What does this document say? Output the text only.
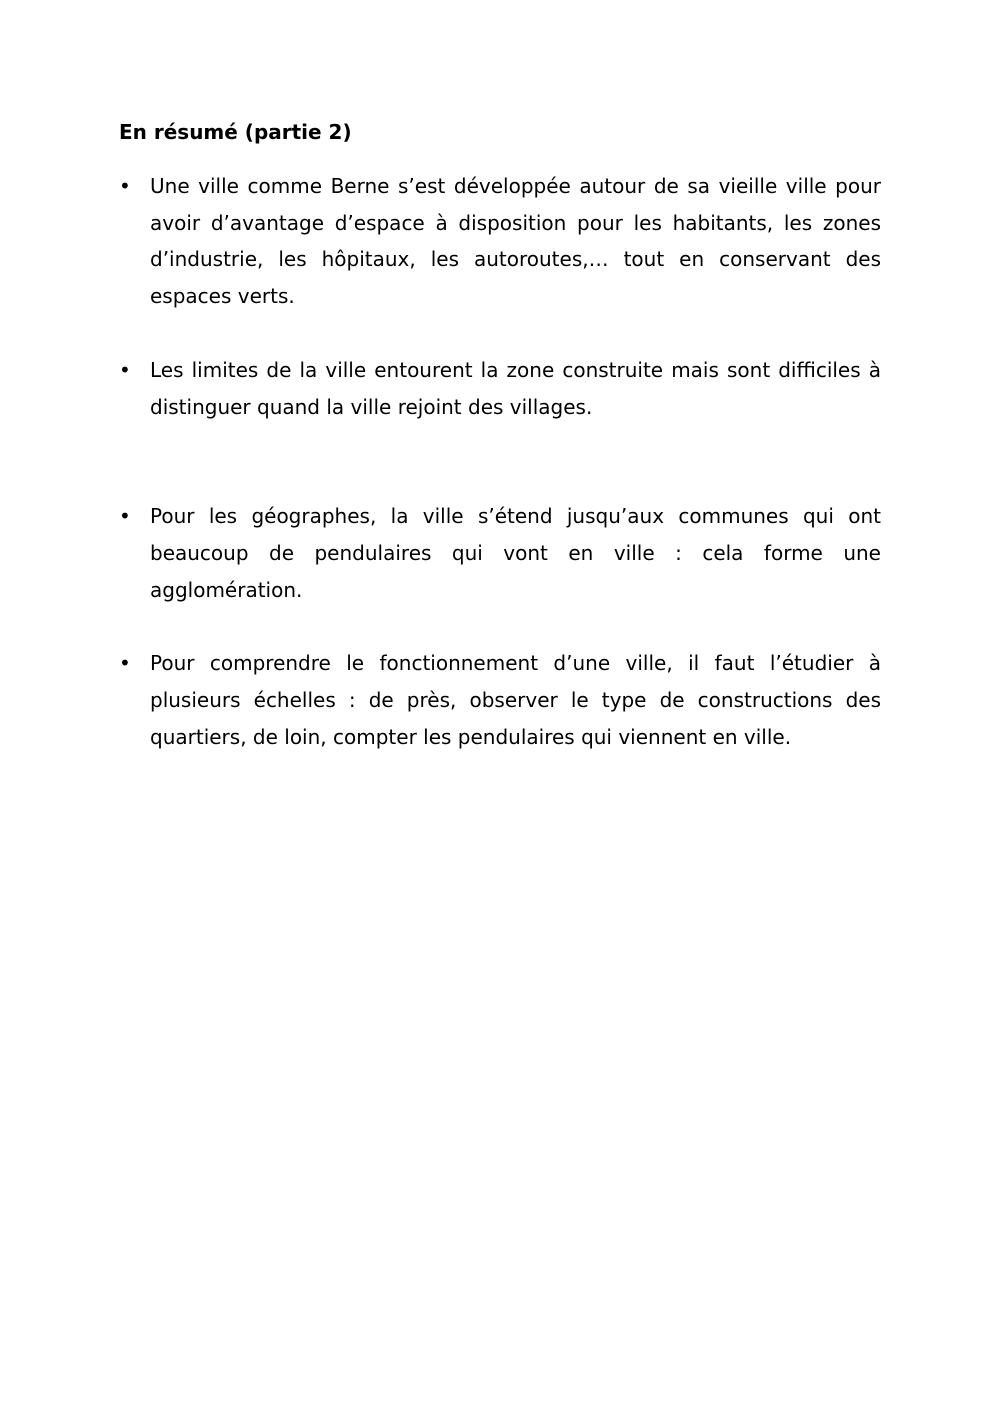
En résumé (partie 2)
• Une ville comme Berne s’est développée autour de sa vieille ville pour avoir d’avantage d’espace à disposition pour les habitants, les zones d’industrie, les hôpitaux, les autoroutes,… tout en conservant des espaces verts.
• Les limites de la ville entourent la zone construite mais sont difficiles à distinguer quand la ville rejoint des villages.
• Pour les géographes, la ville s’étend jusqu’aux communes qui ont beaucoup de pendulaires qui vont en ville : cela forme une agglomération.
• Pour comprendre le fonctionnement d’une ville, il faut l’étudier à plusieurs échelles : de près, observer le type de constructions des quartiers, de loin, compter les pendulaires qui viennent en ville.
